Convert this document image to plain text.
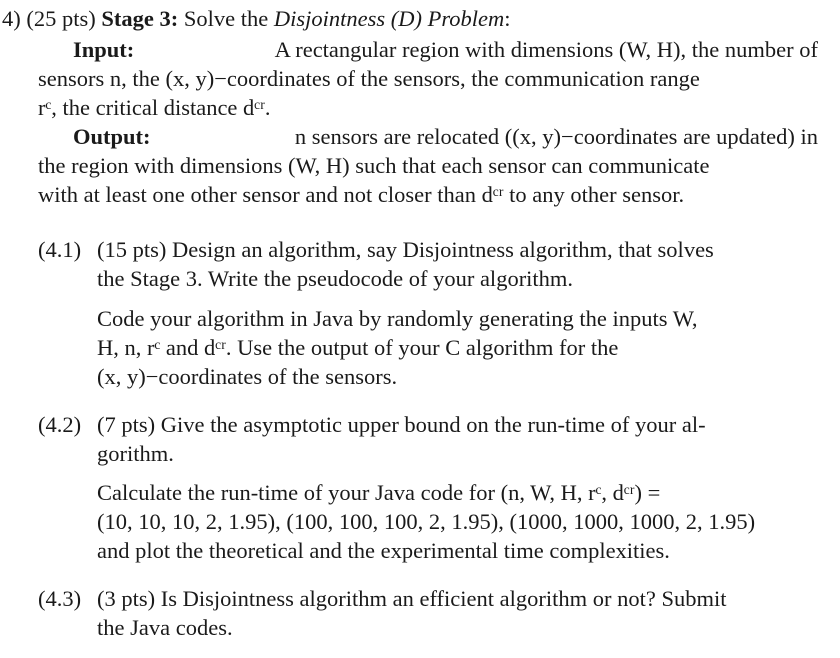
4) (25 pts) Stage 3: Solve the Disjointness (D) Problem:
Input:	A rectangular region with dimensions (W, H), the number of
sensors n, the (x, y)−coordinates of the sensors, the communication range
rᶜ, the critical distance dᶜʳ.
Output:	n sensors are relocated ((x, y)−coordinates are updated) in
the region with dimensions (W, H) such that each sensor can communicate
with at least one other sensor and not closer than dᶜʳ to any other sensor.
(4.1) (15 pts) Design an algorithm, say Disjointness algorithm, that solves
the Stage 3. Write the pseudocode of your algorithm.
Code your algorithm in Java by randomly generating the inputs W,
H, n, rᶜ and dᶜʳ. Use the output of your C algorithm for the
(x, y)−coordinates of the sensors.
(4.2) (7 pts) Give the asymptotic upper bound on the run-time of your al-
gorithm.
Calculate the run-time of your Java code for (n, W, H, rᶜ, dᶜʳ) =
(10, 10, 10, 2, 1.95), (100, 100, 100, 2, 1.95), (1000, 1000, 1000, 2, 1.95)
and plot the theoretical and the experimental time complexities.
(4.3) (3 pts) Is Disjointness algorithm an efficient algorithm or not? Submit
the Java codes.
